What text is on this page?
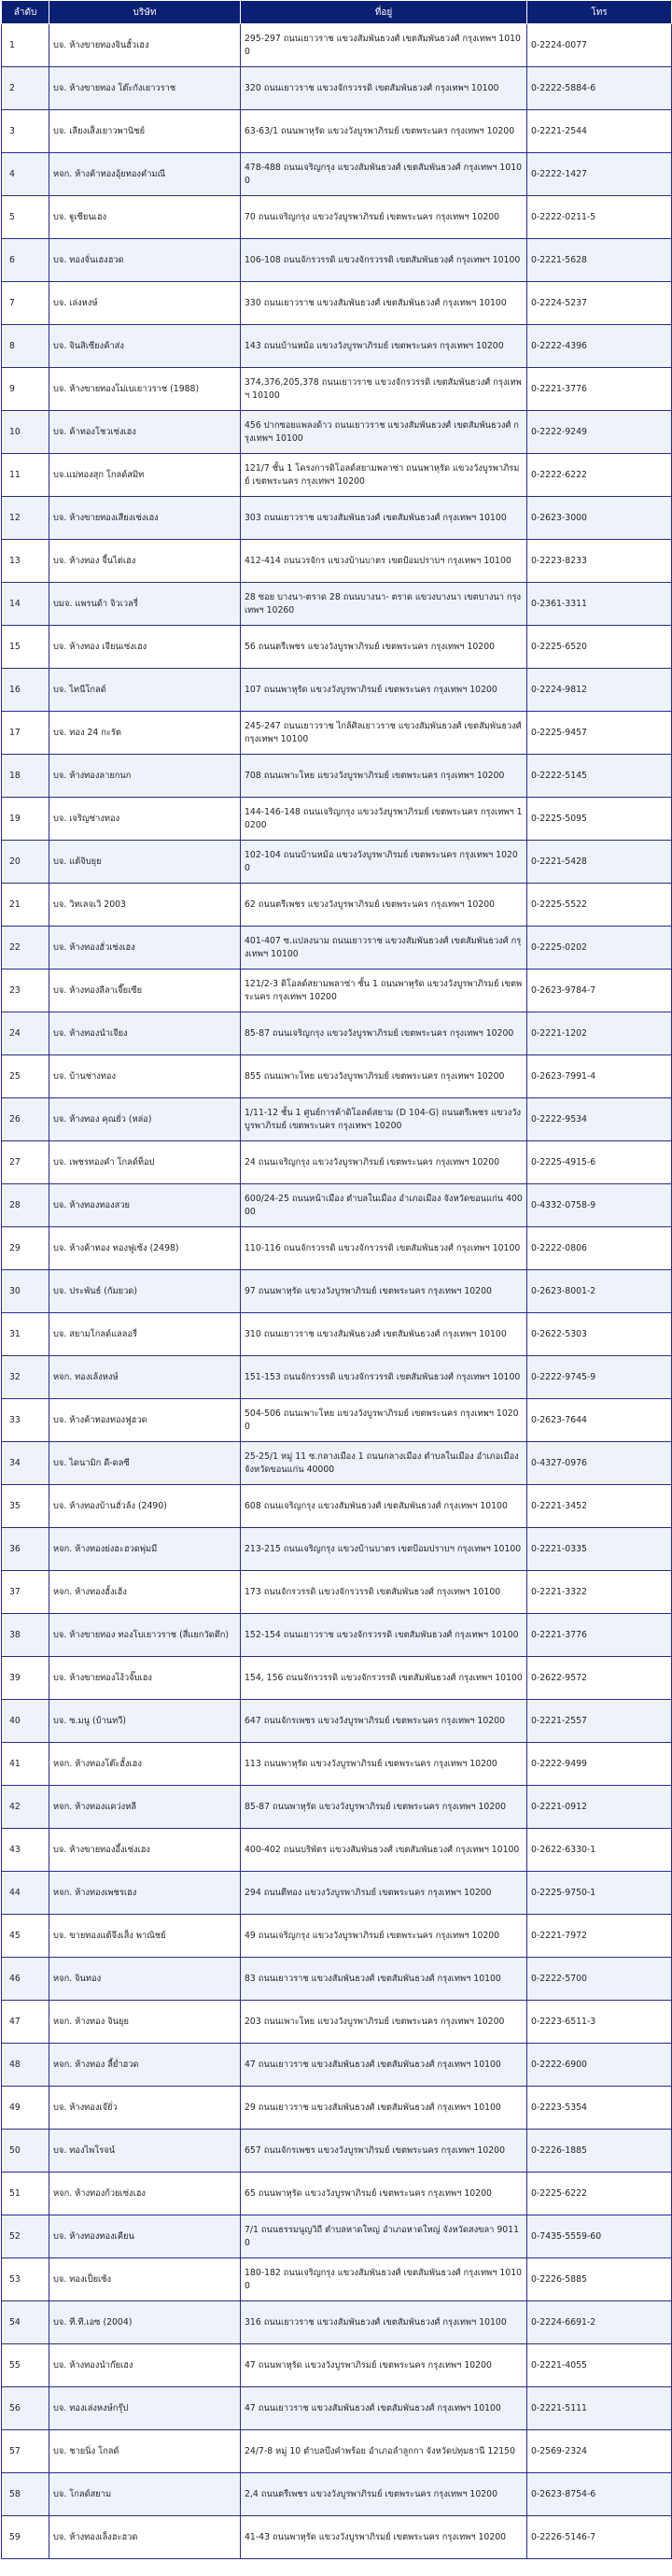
ลำดับ	บริษัท	ที่อยู่	โทร
1	บจ. ห้างขายทองจินฮั้วเฮง	295-297 ถนนเยาวราช แขวงสัมพันธวงศ์ เขตสัมพันธวงศ์ กรุงเทพฯ 10100	0-2224-0077
2	บจ. ห้างขายทอง โต๊ะกังเยาวราช	320 ถนนเยาวราช แขวงจักรวรรดิ เขตสัมพันธวงศ์ กรุงเทพฯ 10100	0-2222-5884-6
3	บจ. เลียงเส็งเยาวพานิชย์	63-63/1 ถนนพาหุรัด แขวงวังบูรพาภิรมย์ เขตพระนคร กรุงเทพฯ 10200	0-2221-2544
4	หจก. ห้างค้าทองอุ้ยทองคำมณี	478-488 ถนนเจริญกรุง แขวงสัมพันธวงศ์ เขตสัมพันธวงศ์ กรุงเทพฯ 10100	0-2222-1427
5	บจ. ฐูเซียนเฮง	70 ถนนเจริญกรุง แขวงวังบูรพาภิรมย์ เขตพระนคร กรุงเทพฯ 10200	0-2222-0211-5
6	บจ. ทองจั่นเฮงฮวด	106-108 ถนนจักรวรรดิ แขวงจักรวรรดิ เขตสัมพันธวงศ์ กรุงเทพฯ 10100	0-2221-5628
7	บจ. เล่งหงษ์	330 ถนนเยาวราช แขวงสัมพันธวงศ์ เขตสัมพันธวงศ์ กรุงเทพฯ 10100	0-2224-5237
8	บจ. จินสิเซียงค้าส่ง	143 ถนนบ้านหม้อ แขวงวังบูรพาภิรมย์ เขตพระนคร กรุงเทพฯ 10200	0-2222-4396
9	บจ. ห้างขายทองโม่เบเยาวราช (1988)	374,376,205,378 ถนนเยาวราช แขวงจักรวรรดิ เขตสัมพันธวงศ์ กรุงเทพฯ 10100	0-2221-3776
10	บจ. ค้าทองโชวเซ่งเฮง	456 ปากซอยแพลงด้าว ถนนเยาวราช แขวงสัมพันธวงศ์ เขตสัมพันธวงศ์ กรุงเทพฯ 10100	0-2222-9249
11	บจ.แม่ทองสุก โกลด์สมิท	121/7 ชั้น 1 โครงการดิโอลด์สยามพลาซ่า ถนนพาหุรัด แขวงวังบูรพาภิรมย์ เขตพระนคร กรุงเทพฯ 10200	0-2222-6222
12	บจ. ห้างขายทองเสียงเซ่งเฮง	303 ถนนเยาวราช แขวงสัมพันธวงศ์ เขตสัมพันธวงศ์ กรุงเทพฯ 10100	0-2623-3000
13	บจ. ห้างทอง จี้นไต่เฮง	412-414 ถนนวรจักร แขวงบ้านบาตร เขตป้อมปราบฯ กรุงเทพฯ 10100	0-2223-8233
14	บมจ. แพรนด้า จิวเวลรี่	28 ซอย บางนา-ตราด 28 ถนนบางนา- ตราด แขวงบางนา เขตบางนา กรุงเทพฯ 10260	0-2361-3311
15	บจ. ห้างทอง เจียนเซ่งเฮง	56 ถนนตรีเพชร แขวงวังบูรพาภิรมย์ เขตพระนคร กรุงเทพฯ 10200	0-2225-6520
16	บจ. ไทนีโกลด์	107 ถนนพาหุรัด แขวงวังบูรพาภิรมย์ เขตพระนคร กรุงเทพฯ 10200	0-2224-9812
17	บจ. ทอง 24 กะรัต	245-247 ถนนเยาวราช ไกล้ศิลเยาวราช แขวงสัมพันธวงศ์ เขตสัมพันธวงศ์ กรุงเทพฯ 10100	0-2225-9457
18	บจ. ห้างทองลายกนก	708 ถนนเพาะโหย แขวงวังบูรพาภิรมย์ เขตพระนคร กรุงเทพฯ 10200	0-2222-5145
19	บจ. เจริญช่างทอง	144-146-148 ถนนเจริญกรุง แขวงวังบูรพาภิรมย์ เขตพระนคร กรุงเทพฯ 10200	0-2225-5095
20	บจ. แต้จิบยุย	102-104 ถนนบ้านหม้อ แขวงวังบูรพาภิรมย์ เขตพระนคร กรุงเทพฯ 10200	0-2221-5428
21	บจ. วิทเลจเวิ 2003	62 ถนนตรีเพชร แขวงวังบูรพาภิรมย์ เขตพระนคร กรุงเทพฯ 10200	0-2225-5522
22	บจ. ห้างทองฮั่วเซ่งเฮง	401-407 ซ.แปลงนาม ถนนเยาวราช แขวงสัมพันธวงศ์ เขตสัมพันธวงศ์ กรุงเทพฯ 10100	0-2225-0202
23	บจ. ห้างทองลีลาเจี๊ยเซีย	121/2-3 ดิโอลด์สยามพลาซ่า ชั้น 1 ถนนพาหุรัด แขวงวังบูรพาภิรมย์ เขตพระนคร กรุงเทพฯ 10200	0-2623-9784-7
24	บจ. ห้างทองนำเจียง	85-87 ถนนเจริญกรุง แขวงวังบูรพาภิรมย์ เขตพระนคร กรุงเทพฯ 10200	0-2221-1202
25	บจ. บ้านช่างทอง	855 ถนนเพาะโหย แขวงวังบูรพาภิรมย์ เขตพระนคร กรุงเทพฯ 10200	0-2623-7991-4
26	บจ. ห้างทอง คุณยั่ว (หล่อ)	1/11-12 ชั้น 1 ศูนย์การค้าดิโอลด์สยาม (D 104-G) ถนนตรีเพชร แขวงวังบูรพาภิรมย์ เขตพระนคร กรุงเทพฯ 10200	0-2222-9534
27	บจ. เพชรทองคำ โกลด์ท็อป	24 ถนนเจริญกรุง แขวงวังบูรพาภิรมย์ เขตพระนคร กรุงเทพฯ 10200	0-2225-4915-6
28	บจ. ห้างทองทองสวย	600/24-25 ถนนหน้าเมือง ตำบลในเมือง อำเภอเมือง จังหวัดขอนแก่น 40000	0-4332-0758-9
29	บจ. ห้างค้าทอง ทองฟูเซ้ง (2498)	110-116 ถนนจักรวรรดิ แขวงจักรวรรดิ เขตสัมพันธวงศ์ กรุงเทพฯ 10100	0-2222-0806
30	บจ. ประพันธ์ (กัมยวด)	97 ถนนพาหุรัด แขวงวังบูรพาภิรมย์ เขตพระนคร กรุงเทพฯ 10200	0-2623-8001-2
31	บจ. สยามโกลด์แลลอรี่	310 ถนนเยาวราช แขวงสัมพันธวงศ์ เขตสัมพันธวงศ์ กรุงเทพฯ 10100	0-2622-5303
32	หจก. ทองเล้งหงษ์	151-153 ถนนจักรวรรดิ แขวงจักรวรรดิ เขตสัมพันธวงศ์ กรุงเทพฯ 10100	0-2222-9745-9
33	บจ. ห้างค้าทองทองฟูฮวด	504-506 ถนนเพาะโหย แขวงวังบูรพาภิรมย์ เขตพระนคร กรุงเทพฯ 10200	0-2623-7644
34	บจ. ไดนามิก ดี-ดลซี	25-25/1 หมู่ 11 ซ.กลางเมือง 1 ถนนกลางเมือง ตำบลในเมือง อำเภอเมือง จังหวัดขอนแก่น 40000	0-4327-0976
35	บจ. ห้างทองบ้านฮั่วล้ง (2490)	608 ถนนเจริญกรุง แขวงสัมพันธวงศ์ เขตสัมพันธวงศ์ กรุงเทพฯ 10100	0-2221-3452
36	หจก. ห้างทองย่งฮะฮวดพุ่มมี	213-215 ถนนเจริญกรุง แขวงบ้านบาตร เขตป้อมปราบฯ กรุงเทพฯ 10100	0-2221-0335
37	หจก. ห้างทองฮั้งเฮ้ง	173 ถนนจักรวรรดิ แขวงจักรวรรดิ เขตสัมพันธวงศ์ กรุงเทพฯ 10100	0-2221-3322
38	บจ. ห้างขายทอง ทองโบเยาวราช (สี่แยกวัดตึก)	152-154 ถนนเยาวราช แขวงจักรวรรดิ เขตสัมพันธวงศ์ กรุงเทพฯ 10100	0-2221-3776
39	บจ. ห้างขายทองโง้วจั๊บเฮง	154, 156 ถนนจักรวรรดิ แขวงจักรวรรดิ เขตสัมพันธวงศ์ กรุงเทพฯ 10100	0-2622-9572
40	บจ. ซ.มนู (บ้านทวี)	647 ถนนจักรเพชร แขวงวังบูรพาภิรมย์ เขตพระนคร กรุงเทพฯ 10200	0-2221-2557
41	หจก. ห้างทองโต๊ะฮั้งเฮง	113 ถนนพาหุรัด แขวงวังบูรพาภิรมย์ เขตพระนคร กรุงเทพฯ 10200	0-2222-9499
42	หจก. ห้างทองแคว่งหลี	85-87 ถนนพาหุรัด แขวงวังบูรพาภิรมย์ เขตพระนคร กรุงเทพฯ 10200	0-2221-0912
43	บจ. ห้างขายทองอึ้งเซ่งเฮง	400-402 ถนนบริพัตร แขวงสัมพันธวงศ์ เขตสัมพันธวงศ์ กรุงเทพฯ 10100	0-2622-6330-1
44	หจก. ห้างทองเพชรเฮง	294 ถนนตีทอง แขวงวังบูรพาภิรมย์ เขตพระนคร กรุงเทพฯ 10200	0-2225-9750-1
45	บจ. ขายทองแต้จึงเส็ง พาณิชย์	49 ถนนเจริญกรุง แขวงวังบูรพาภิรมย์ เขตพระนคร กรุงเทพฯ 10200	0-2221-7972
46	หจก. จินทอง	83 ถนนเยาวราช แขวงสัมพันธวงศ์ เขตสัมพันธวงศ์ กรุงเทพฯ 10100	0-2222-5700
47	หจก. ห้างทอง จินยุย	203 ถนนเพาะโหย แขวงวังบูรพาภิรมย์ เขตพระนคร กรุงเทพฯ 10200	0-2223-6511-3
48	หจก. ห้างทอง ลี้ย่ำฮวด	47 ถนนเยาวราช แขวงสัมพันธวงศ์ เขตสัมพันธวงศ์ กรุงเทพฯ 10100	0-2222-6900
49	บจ. ห้างทองเจ๊ยั่ว	29 ถนนเยาวราช แขวงสัมพันธวงศ์ เขตสัมพันธวงศ์ กรุงเทพฯ 10100	0-2223-5354
50	บจ. ทองไพโรจน์	657 ถนนจักรเพชร แขวงวังบูรพาภิรมย์ เขตพระนคร กรุงเทพฯ 10200	0-2226-1885
51	หจก. ห้างทองก้วยเซ่งเฮง	65 ถนนพาหุรัด แขวงวังบูรพาภิรมย์ เขตพระนคร กรุงเทพฯ 10200	0-2225-6222
52	บจ. ห้างทองทองเคียน	7/1 ถนนธรรมนูญวิถี ตำบลหาดใหญ่ อำเภอหาดใหญ่ จังหวัดสงขลา 90110	0-7435-5559-60
53	บจ. ทองเป็ยเซ้ง	180-182 ถนนเจริญกรุง แขวงสัมพันธวงศ์ เขตสัมพันธวงศ์ กรุงเทพฯ 10100	0-2226-5885
54	บจ. ที.ที.เอซ (2004)	316 ถนนเยาวราช แขวงสัมพันธวงศ์ เขตสัมพันธวงศ์ กรุงเทพฯ 10100	0-2224-6691-2
55	บจ. ห้างทองนำก๊ยเฮง	47 ถนนพาหุรัด แขวงวังบูรพาภิรมย์ เขตพระนคร กรุงเทพฯ 10200	0-2221-4055
56	บจ. ทองเล่งหงษ์กรุ๊ป	47 ถนนเยาวราช แขวงสัมพันธวงศ์ เขตสัมพันธวงศ์ กรุงเทพฯ 10100	0-2221-5111
57	บจ. ชายนิ่ง โกลด์	24/7-8 หมู่ 10 ตำบลบึงคำพร้อย อำเภอลำลูกกา จังหวัดปทุมธานี 12150	0-2569-2324
58	บจ. โกลด์สยาม	2,4 ถนนตรีเพชร แขวงวังบูรพาภิรมย์ เขตพระนคร กรุงเทพฯ 10200	0-2623-8754-6
59	บจ. ห้างทองเล็งฮะฮวด	41-43 ถนนพาหุรัด แขวงวังบูรพาภิรมย์ เขตพระนคร กรุงเทพฯ 10200	0-2226-5146-7
